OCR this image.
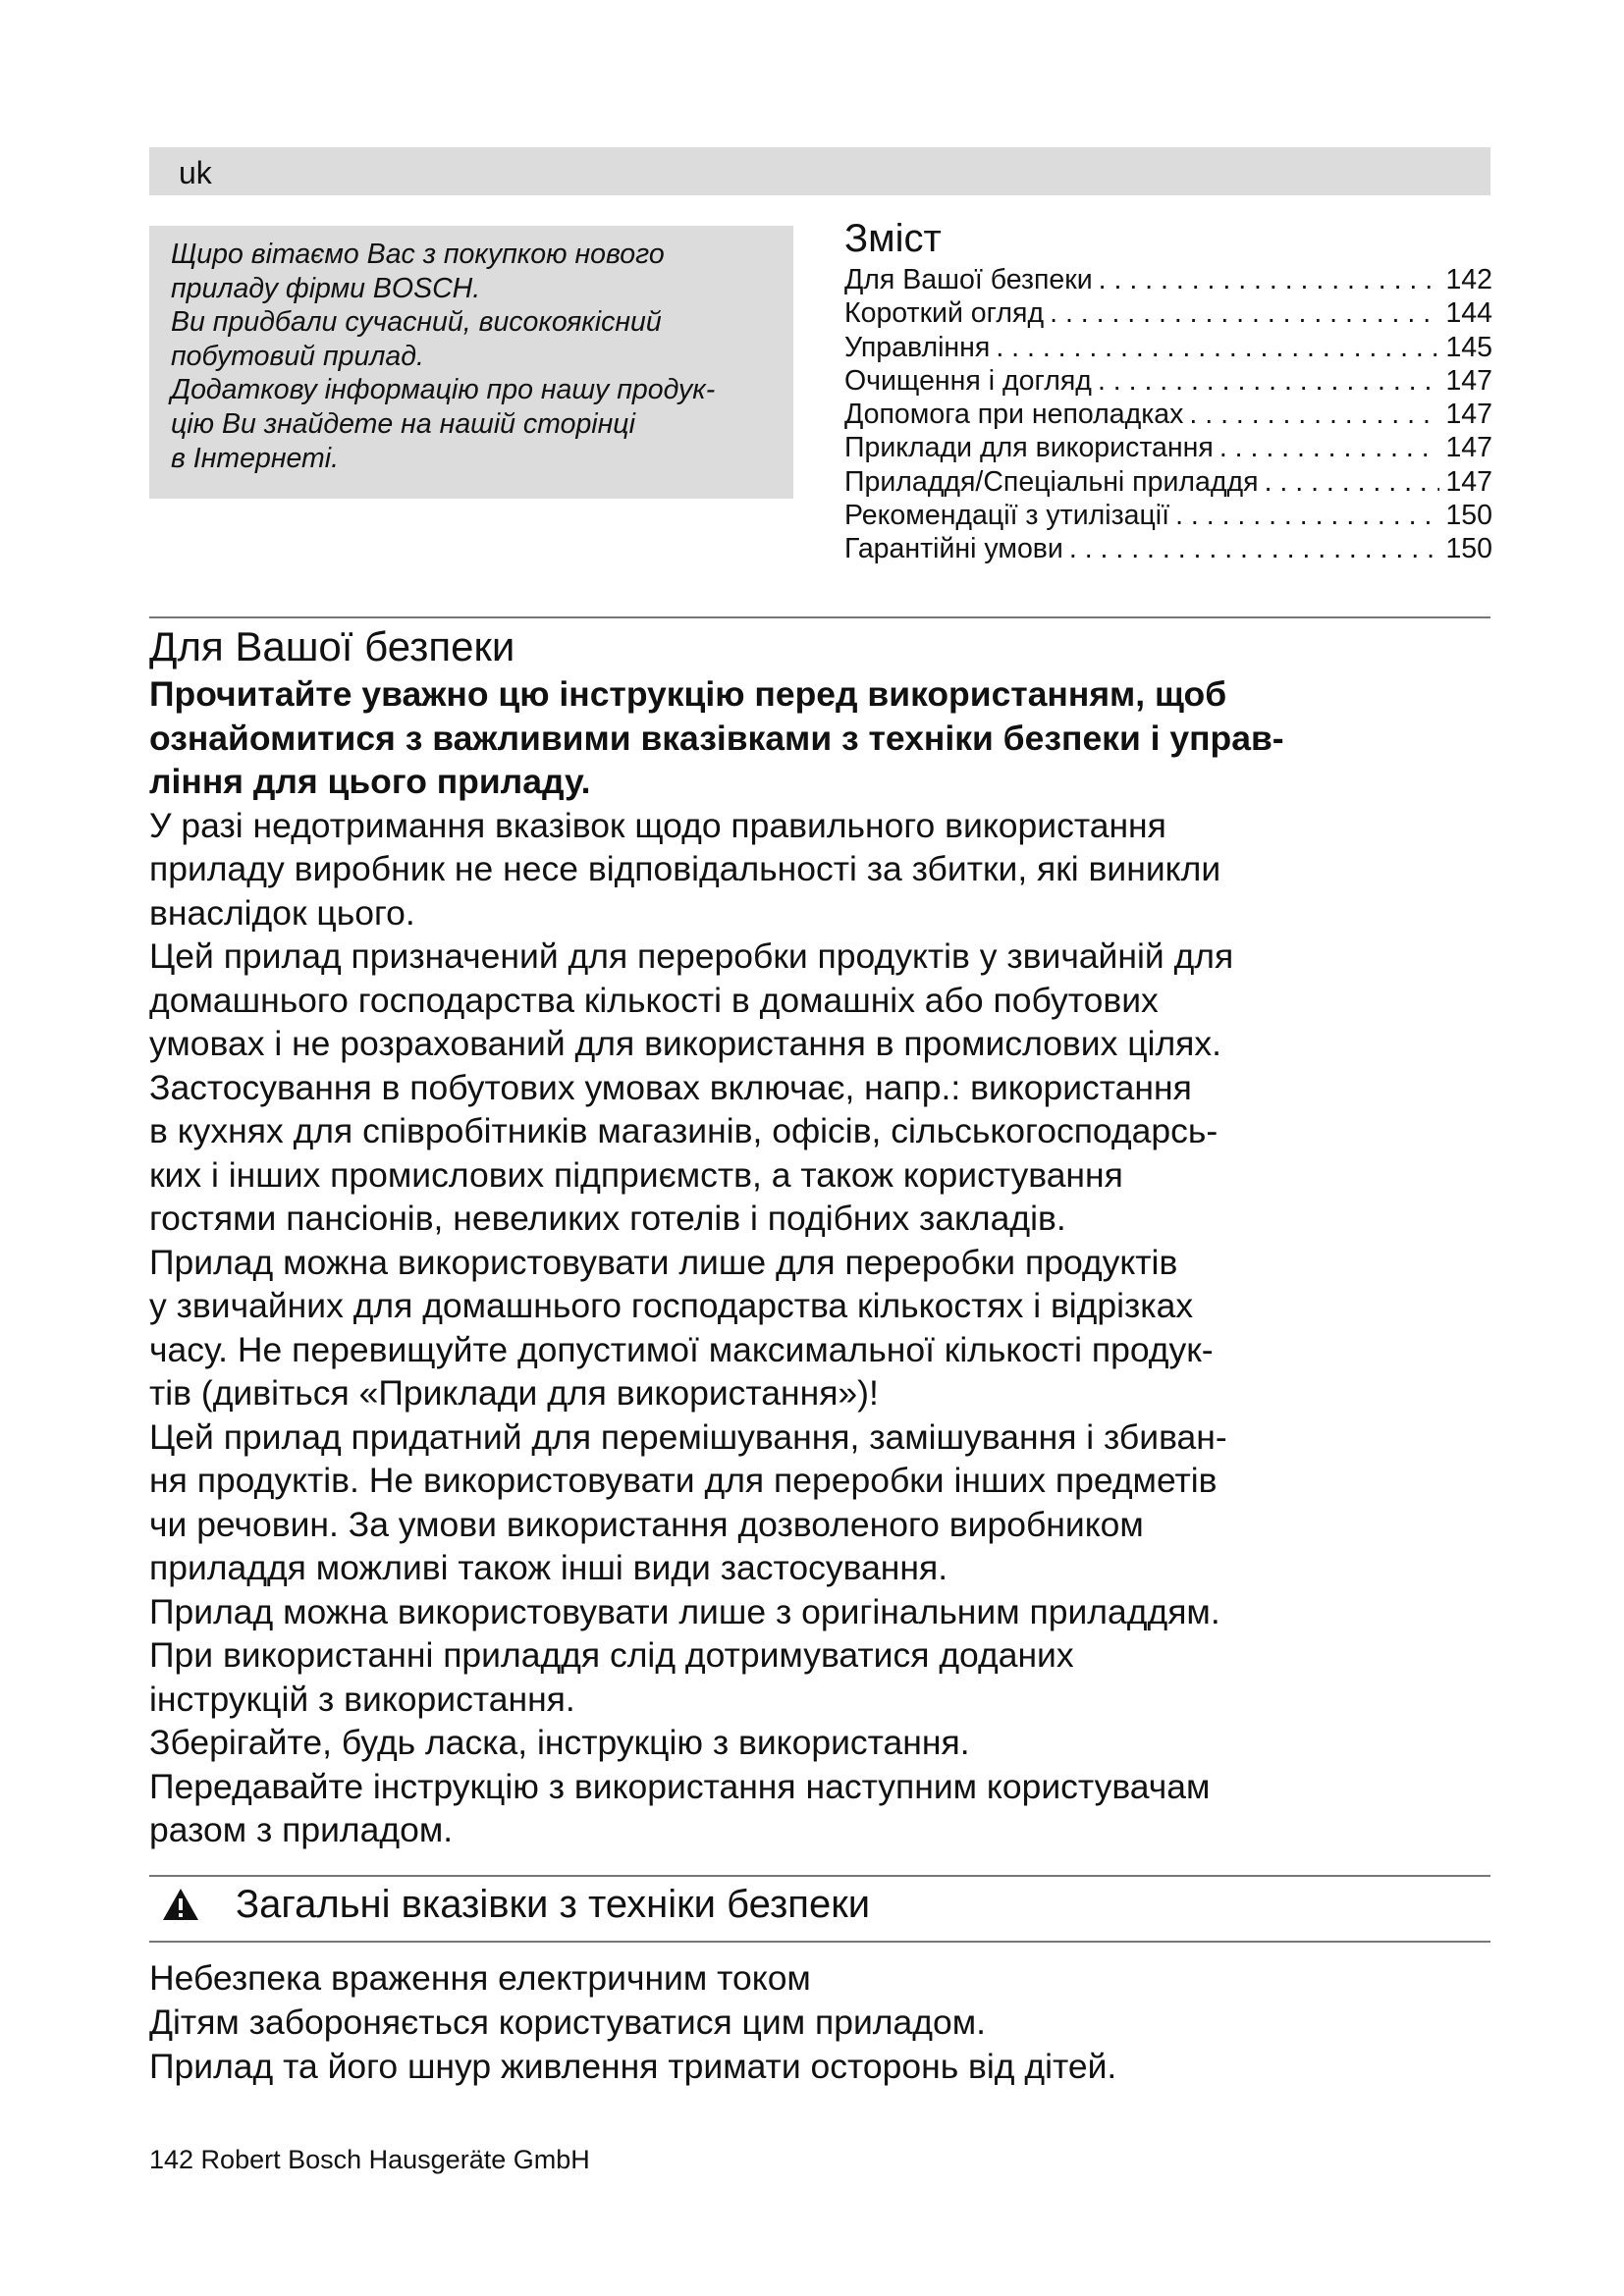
uk

Щиро вітаємо Вас з покупкою нового

приладу фірми BOSCH.

Ви придбали сучасний, високоякісний

побутовий прилад.

Додаткову інформацію про нашу продук-

цію Ви знайдете на нашій сторінці

в Інтернеті.

Зміст
Для Вашої безпеки . . .	142
Короткий огляд . . .	144
Управління . . .	145
Очищення і догляд . . .	147
Допомога при неполадках . . .	147
Приклади для використання . . .	147
Приладдя/Спеціальні приладдя . . .	147
Рекомендації з утилізації . . .	150
Гарантійні умови . . .	150
Для Вашої безпеки

Прочитайте уважно цю інструкцію перед використанням, щоб

ознайомитися з важливими вказівками з техніки безпеки і управ-

ління для цього приладу.

У разі недотримання вказівок щодо правильного використання

приладу виробник не несе відповідальності за збитки, які виникли

внаслідок цього.

Цей прилад призначений для переробки продуктів у звичайній для

домашнього господарства кількості в домашніх або побутових

умовах і не розрахований для використання в промислових цілях.

Застосування в побутових умовах включає, напр.: використання

в кухнях для співробітників магазинів, офісів, сільськогосподарсь-

ких і інших промислових підприємств, а також користування

гостями пансіонів, невеликих готелів і подібних закладів.

Прилад можна використовувати лише для переробки продуктів

у звичайних для домашнього господарства кількостях і відрізках

часу. Не перевищуйте допустимої максимальної кількості продук-

тів (дивіться «Приклади для використання»)!

Цей прилад придатний для перемішування, замішування і збиван-

ня продуктів. Не використовувати для переробки інших предметів

чи речовин. За умови використання дозволеного виробником

приладдя можливі також інші види застосування.

Прилад можна використовувати лише з оригінальним приладдям.

При використанні приладдя слід дотримуватися доданих

інструкцій з використання.

Зберігайте, будь ласка, інструкцію з використання.

Передавайте інструкцію з використання наступним користувачам

разом з приладом.

Загальні вказівки з техніки безпеки
Небезпека враження електричним током

Дітям забороняється користуватися цим приладом.

Прилад та його шнур живлення тримати осторонь від дітей.

142 Robert Bosch Hausgeräte GmbH
